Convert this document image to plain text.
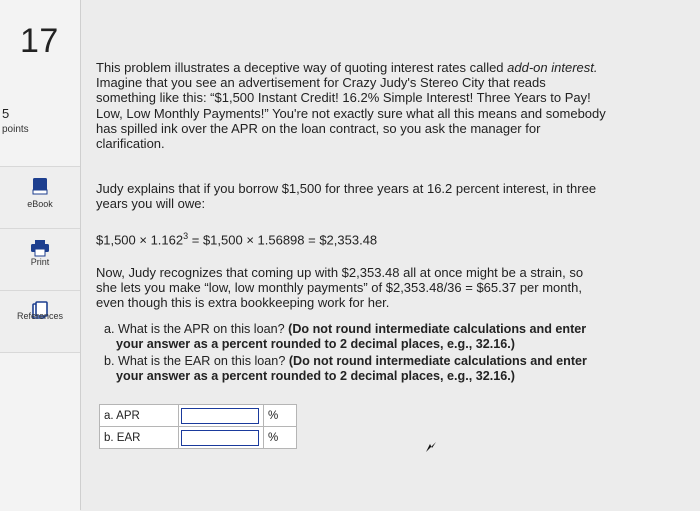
17
5
points
eBook
Print
References
This problem illustrates a deceptive way of quoting interest rates called add-on interest.
Imagine that you see an advertisement for Crazy Judy's Stereo City that reads
something like this: “$1,500 Instant Credit! 16.2% Simple Interest! Three Years to Pay!
Low, Low Monthly Payments!” You're not exactly sure what all this means and somebody
has spilled ink over the APR on the loan contract, so you ask the manager for
clarification.
Judy explains that if you borrow $1,500 for three years at 16.2 percent interest, in three
years you will owe:
$1,500 × $1.162^3$ = $1,500 × 1.56898 = $2,353.48
Now, Judy recognizes that coming up with $2,353.48 all at once might be a strain, so
she lets you make “low, low monthly payments” of $2,353.48/36 = $65.37 per month,
even though this is extra bookkeeping work for her.
a. What is the APR on this loan? (Do not round intermediate calculations and enter
your answer as a percent rounded to 2 decimal places, e.g., 32.16.)
b. What is the EAR on this loan? (Do not round intermediate calculations and enter
your answer as a percent rounded to 2 decimal places, e.g., 32.16.)
a. APR		%
b. EAR		%
